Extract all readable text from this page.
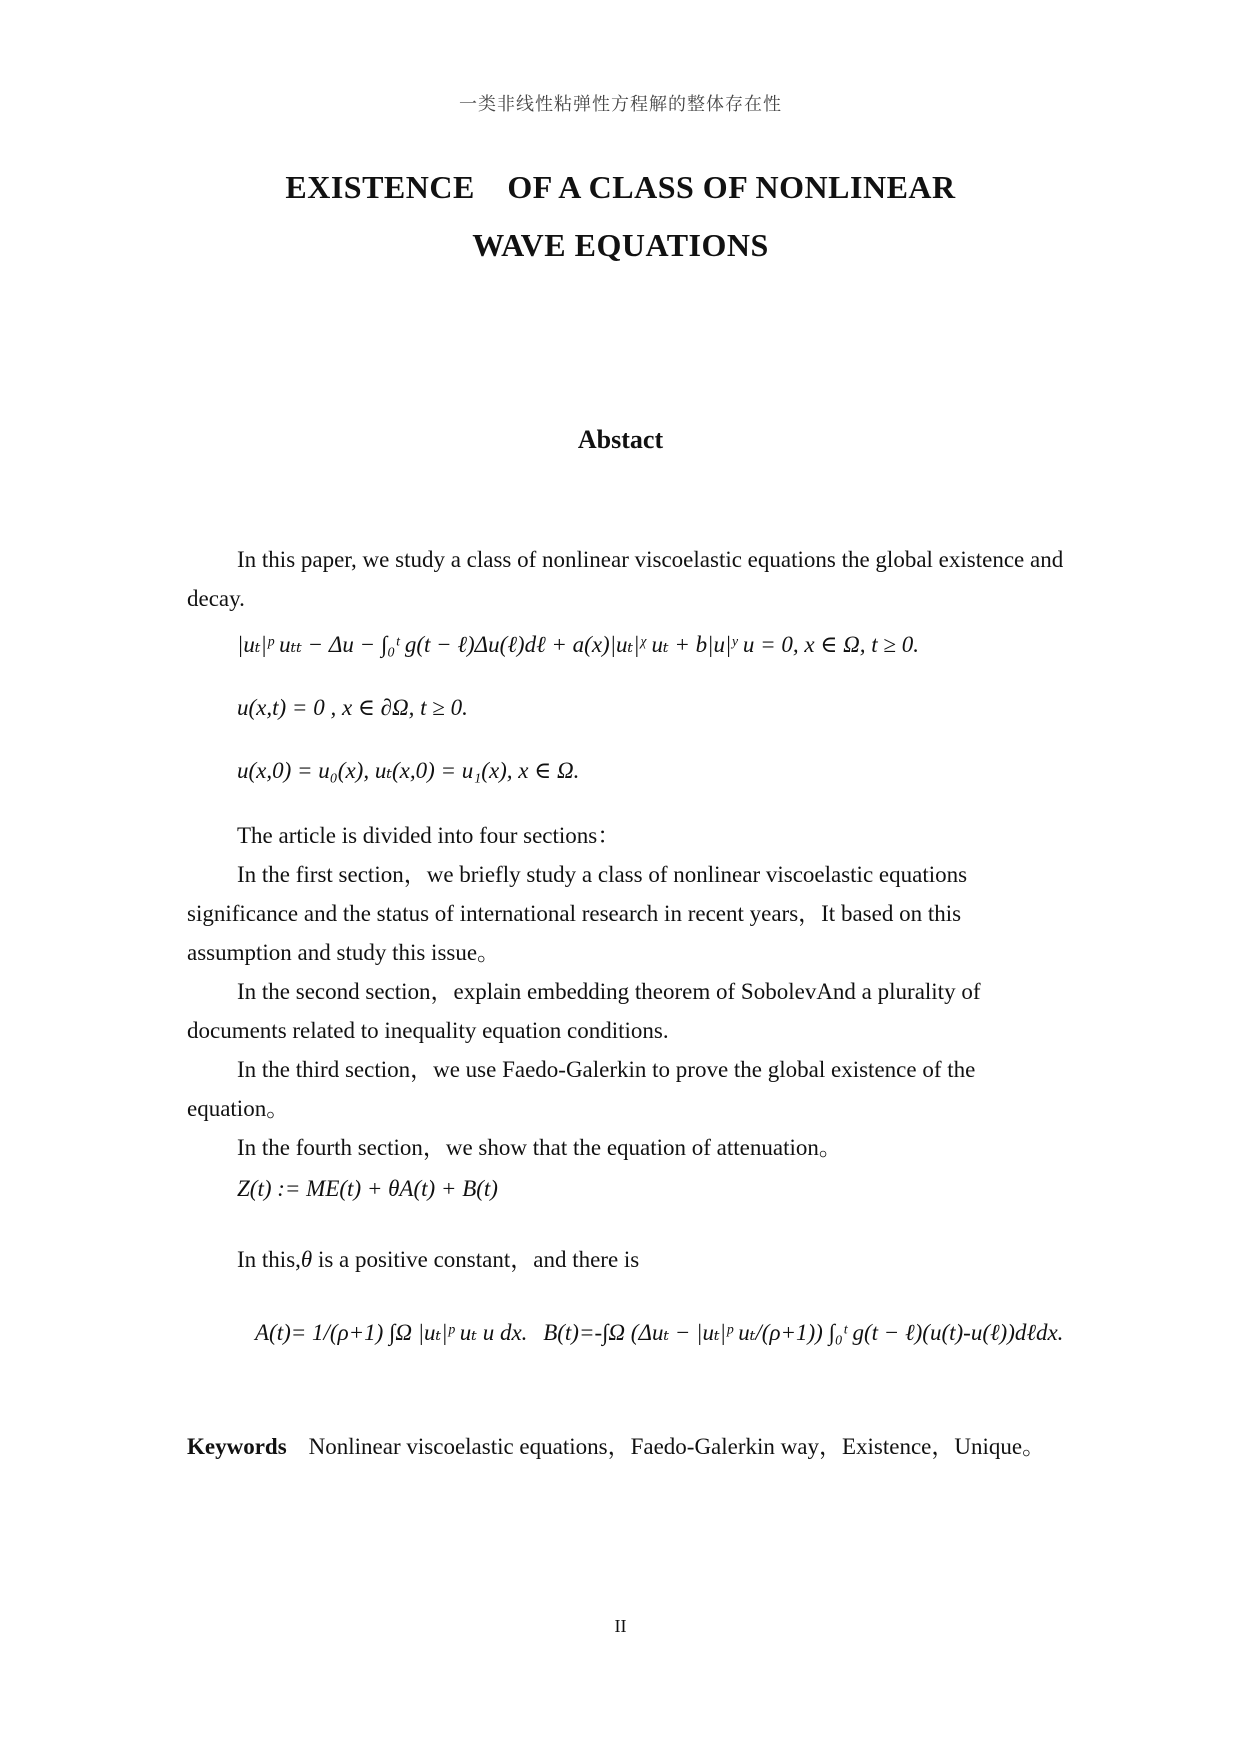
一类非线性粘弹性方程解的整体存在性
EXISTENCE　OF A CLASS OF NONLINEAR
WAVE EQUATIONS
Abstact
In this paper, we study a class of nonlinear viscoelastic equations the global existence and decay.
|uₜ|ᵖ uₜₜ − Δu − ∫₀ᵗ g(t − ℓ)Δu(ℓ)dℓ + a(x)|uₜ|ᵡ uₜ + b|u|ʸ u = 0, x ∈ Ω, t ≥ 0.
u(x,t) = 0 , x ∈ ∂Ω, t ≥ 0.
u(x,0) = u₀(x), uₜ(x,0) = u₁(x), x ∈ Ω.
The article is divided into four sections：
In the first section，we briefly study a class of nonlinear viscoelastic equations significance and the status of international research in recent years，It based on this assumption and study this issue。
In the second section，explain embedding theorem of SobolevAnd a plurality of documents related to inequality equation conditions.
In the third section，we use Faedo-Galerkin to prove the global existence of the equation。
In the fourth section，we show that the equation of attenuation。
Z(t) := ME(t) + θA(t) + B(t)
In this,θ is a positive constant，and there is
A(t)= 1/(ρ+1) ∫Ω |uₜ|ᵖ uₜ u dx. B(t)=-∫Ω (Δuₜ − |uₜ|ᵖ uₜ/(ρ+1)) ∫₀ᵗ g(t − ℓ)(u(t)-u(ℓ))dℓdx.
Keywords Nonlinear viscoelastic equations，Faedo-Galerkin way，Existence，Unique。
II
